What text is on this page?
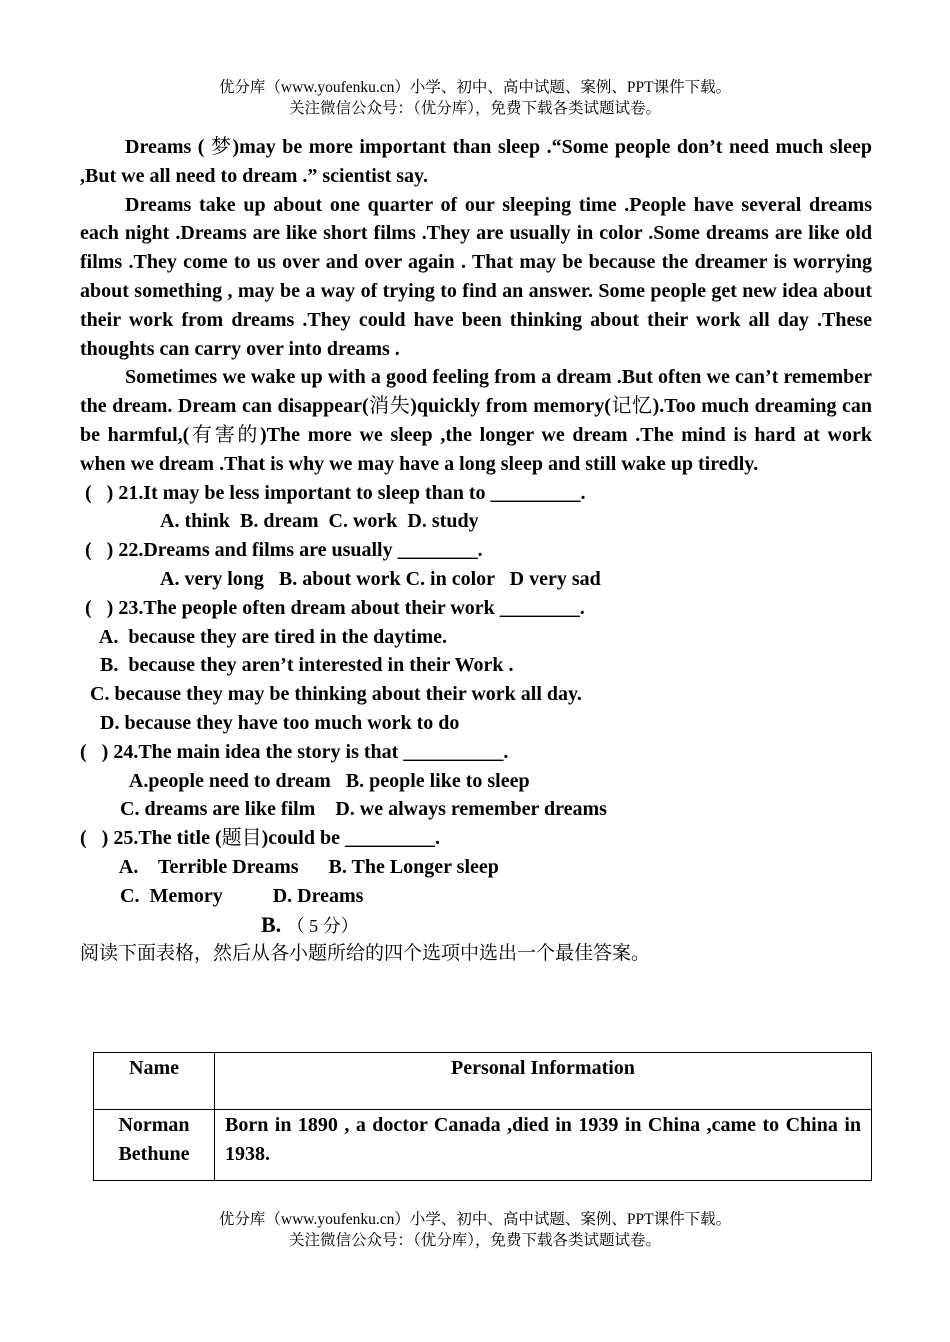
优分库（www.youfenku.cn）小学、初中、高中试题、案例、PPT课件下载。
关注微信公众号：（优分库），免费下载各类试题试卷。

Dreams ( 梦)may be more important than sleep .“Some people don’t need much sleep ,But we all need to dream .” scientist say.

Dreams take up about one quarter of our sleeping time .People have several dreams each night .Dreams are like short films .They are usually in color .Some dreams are like old films .They come to us over and over again . That may be because the dreamer is worrying about something , may be a way of trying to find an answer. Some people get new idea about their work from dreams .They could have been thinking about their work all day .These thoughts can carry over into dreams .

Sometimes we wake up with a good feeling from a dream .But often we can’t remember the dream. Dream can disappear(消失)quickly from memory(记忆).Too much dreaming can be harmful,(有害的)The more we sleep ,the longer we dream .The mind is hard at work when we dream .That is why we may have a long sleep and still wake up tiredly.

(   ) 21.It may be less important to sleep than to _________.
A. think  B. dream  C. work  D. study
(   ) 22.Dreams and films are usually ________.
A. very long   B. about work C. in color   D very sad
(   ) 23.The people often dream about their work ________.
A.  because they are tired in the daytime.
B.  because they aren’t interested in their Work .
C. because they may be thinking about their work all day.
D. because they have too much work to do
(   ) 24.The main idea the story is that __________.
A.people need to dream   B. people like to sleep
C. dreams are like film    D. we always remember dreams
(   ) 25.The title (题目)could be _________.
A.    Terrible Dreams      B. The Longer sleep
C.  Memory          D. Dreams
B. （ 5 分）
阅读下面表格，然后从各小题所给的四个选项中选出一个最佳答案。
Name	Personal Information

Norman
Bethune	Born in 1890 , a doctor Canada ,died in 1939 in China ,came to China in 1938.
优分库（www.youfenku.cn）小学、初中、高中试题、案例、PPT课件下载。
关注微信公众号：（优分库），免费下载各类试题试卷。
